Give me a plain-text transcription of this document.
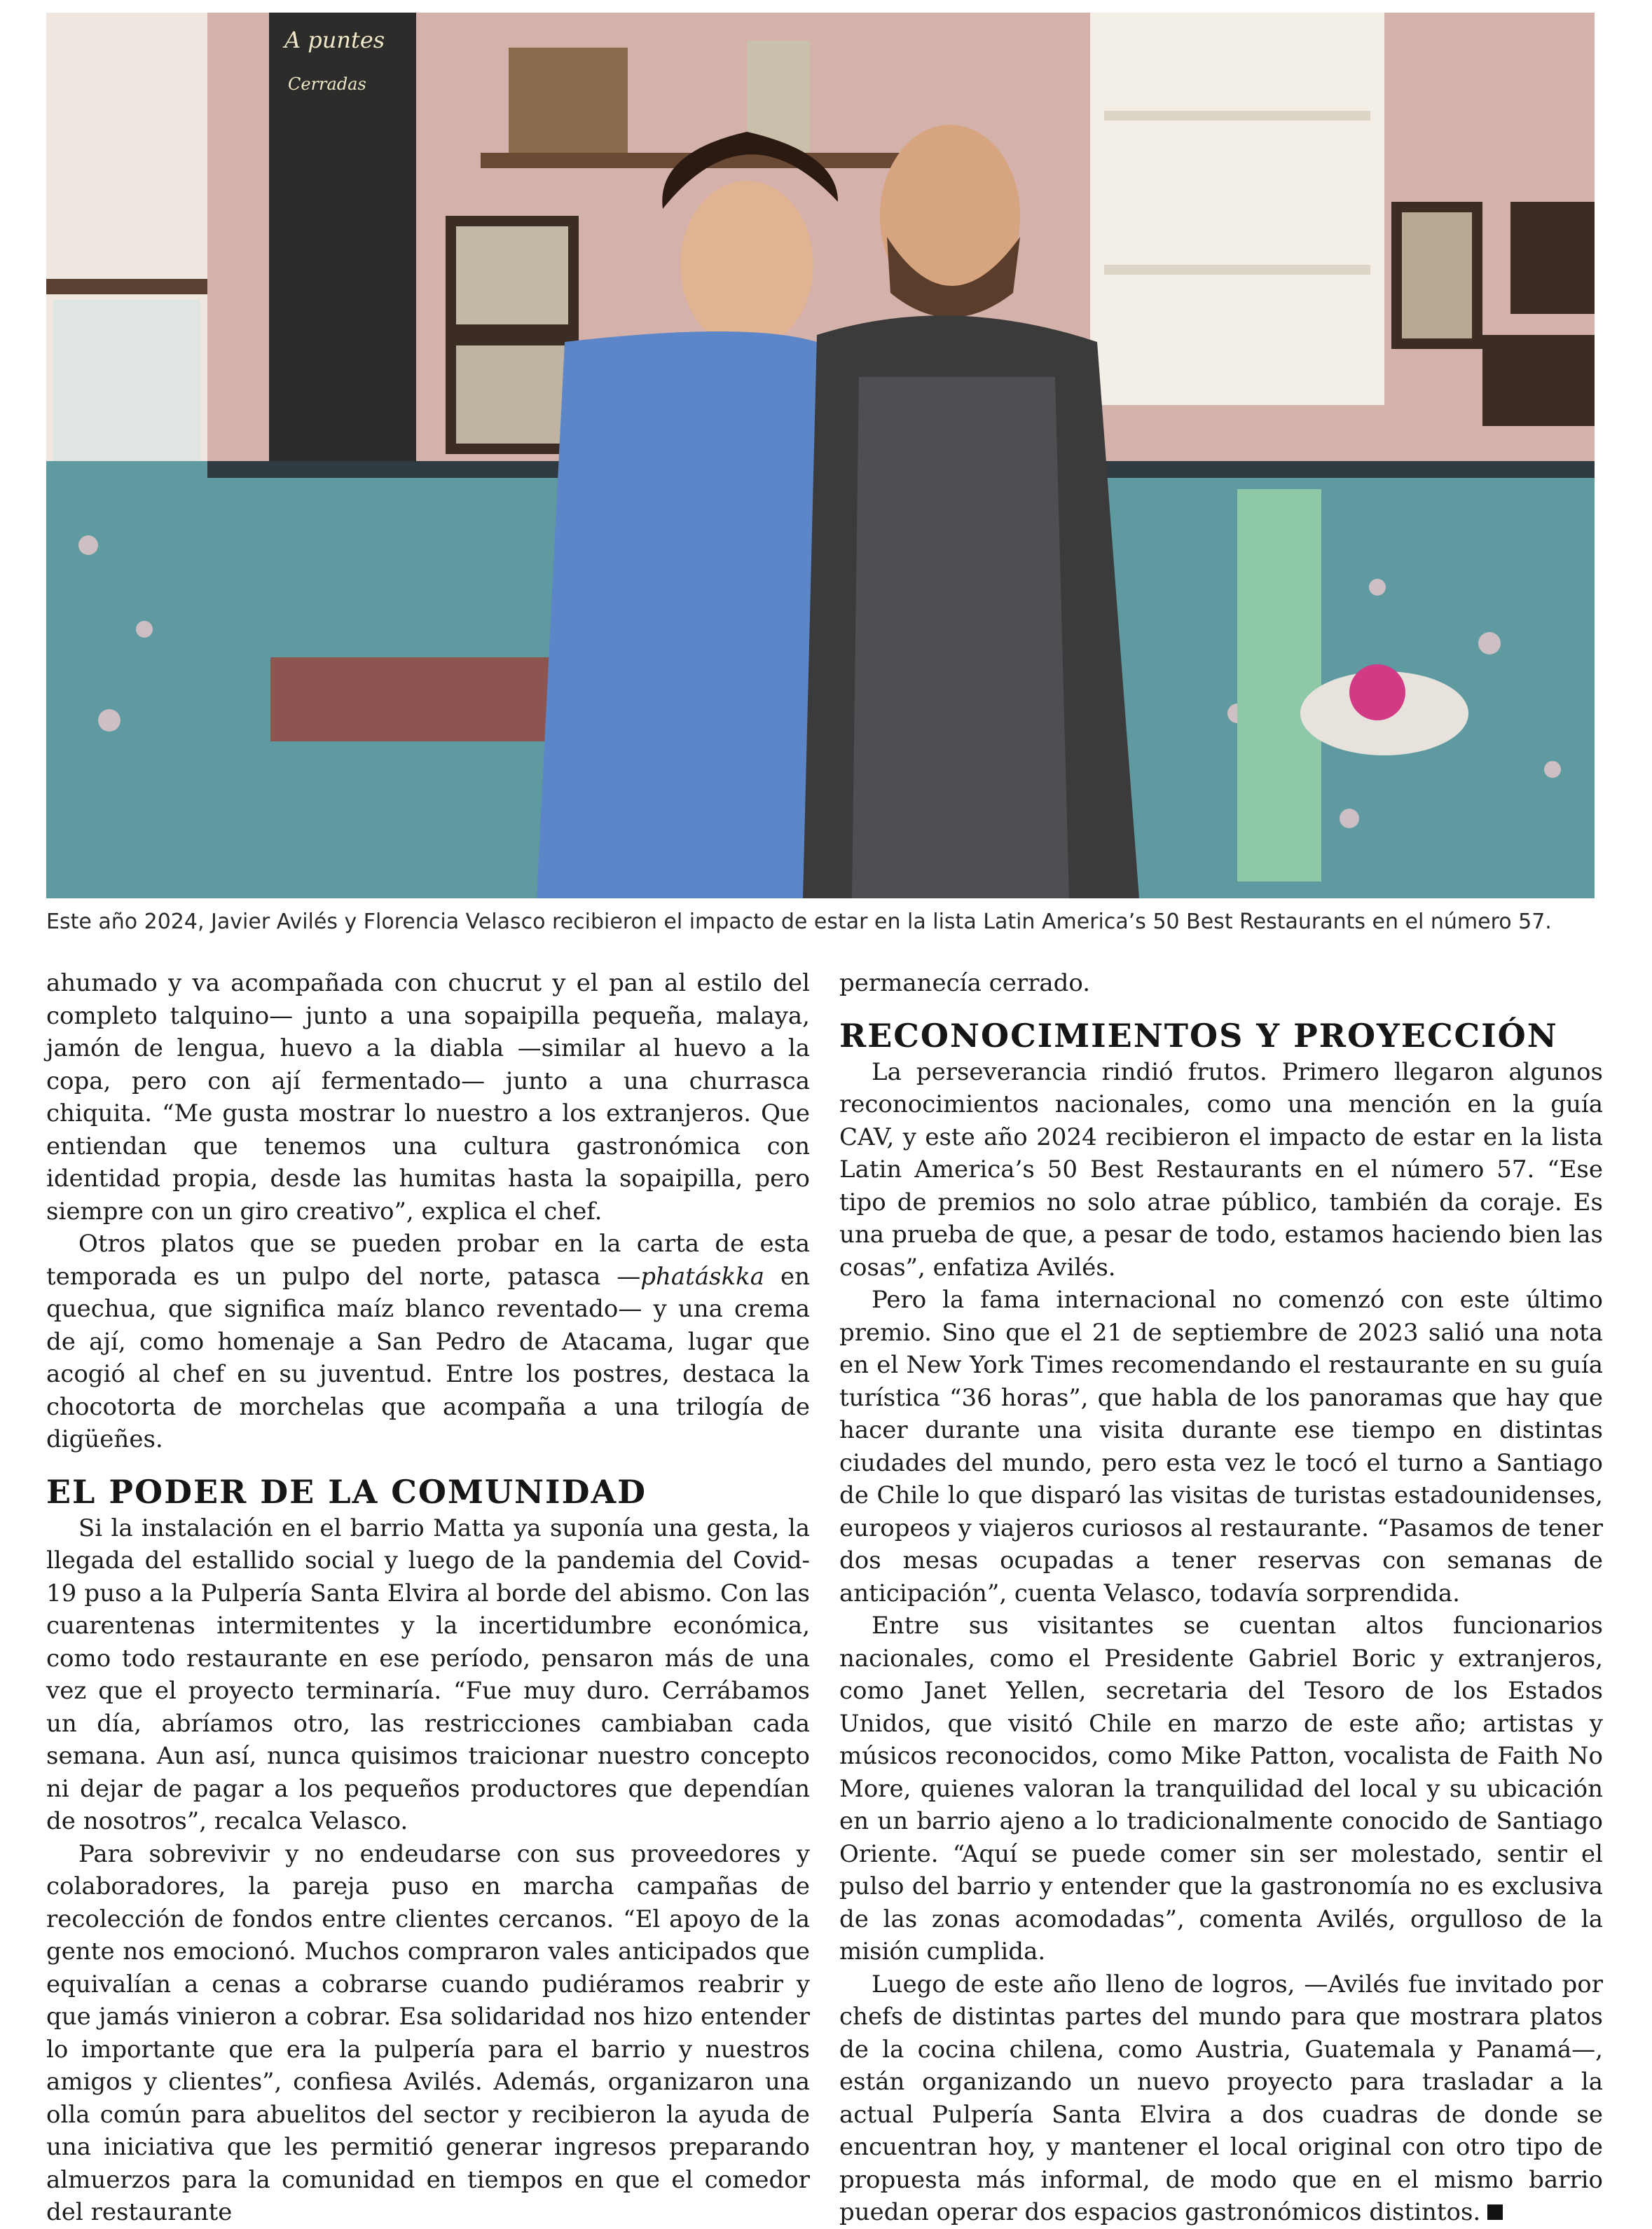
A puntes
Cerradas
Este año 2024, Javier Avilés y Florencia Velasco recibieron el impacto de estar en la lista Latin America’s 50 Best Restaurants en el número 57.

ahumado y va acompañada con chucrut y el pan al estilo del completo talquino— junto a una sopaipilla pequeña, malaya, jamón de lengua, huevo a la diabla —similar al huevo a la copa, pero con ají fermentado— junto a una churrasca chiquita. “Me gusta mostrar lo nuestro a los extranjeros. Que entiendan que tenemos una cultura gastronómica con identidad propia, desde las humitas hasta la sopaipilla, pero siempre con un giro creativo”, explica el chef.

Otros platos que se pueden probar en la carta de esta temporada es un pulpo del norte, patasca —phatáskka en quechua, que significa maíz blanco reventado— y una crema de ají, como homenaje a San Pedro de Atacama, lugar que acogió al chef en su juventud. Entre los postres, destaca la chocotorta de morchelas que acompaña a una trilogía de digüeñes.

EL PODER DE LA COMUNIDAD

Si la instalación en el barrio Matta ya suponía una gesta, la llegada del estallido social y luego de la pandemia del Covid-19 puso a la Pulpería Santa Elvira al borde del abismo. Con las cuarentenas intermitentes y la incertidumbre económica, como todo restaurante en ese período, pensaron más de una vez que el proyecto terminaría. “Fue muy duro. Cerrábamos un día, abríamos otro, las restricciones cambiaban cada semana. Aun así, nunca quisimos traicionar nuestro concepto ni dejar de pagar a los pequeños productores que dependían de nosotros”, recalca Velasco.

Para sobrevivir y no endeudarse con sus proveedores y colaboradores, la pareja puso en marcha campañas de recolección de fondos entre clientes cercanos. “El apoyo de la gente nos emocionó. Muchos compraron vales anticipados que equivalían a cenas a cobrarse cuando pudiéramos reabrir y que jamás vinieron a cobrar. Esa solidaridad nos hizo entender lo importante que era la pulpería para el barrio y nuestros amigos y clientes”, confiesa Avilés. Además, organizaron una olla común para abuelitos del sector y recibieron la ayuda de una iniciativa que les permitió generar ingresos preparando almuerzos para la comunidad en tiempos en que el comedor del restaurante

permanecía cerrado.

RECONOCIMIENTOS Y PROYECCIÓN

La perseverancia rindió frutos. Primero llegaron algunos reconocimientos nacionales, como una mención en la guía CAV, y este año 2024 recibieron el impacto de estar en la lista Latin America’s 50 Best Restaurants en el número 57. “Ese tipo de premios no solo atrae público, también da coraje. Es una prueba de que, a pesar de todo, estamos haciendo bien las cosas”, enfatiza Avilés.

Pero la fama internacional no comenzó con este último premio. Sino que el 21 de septiembre de 2023 salió una nota en el New York Times recomendando el restaurante en su guía turística “36 horas”, que habla de los panoramas que hay que hacer durante una visita durante ese tiempo en distintas ciudades del mundo, pero esta vez le tocó el turno a Santiago de Chile lo que disparó las visitas de turistas estadounidenses, europeos y viajeros curiosos al restaurante. “Pasamos de tener dos mesas ocupadas a tener reservas con semanas de anticipación”, cuenta Velasco, todavía sorprendida.

Entre sus visitantes se cuentan altos funcionarios nacionales, como el Presidente Gabriel Boric y extranjeros, como Janet Yellen, secretaria del Tesoro de los Estados Unidos, que visitó Chile en marzo de este año; artistas y músicos reconocidos, como Mike Patton, vocalista de Faith No More, quienes valoran la tranquilidad del local y su ubicación en un barrio ajeno a lo tradicionalmente conocido de Santiago Oriente. “Aquí se puede comer sin ser molestado, sentir el pulso del barrio y entender que la gastronomía no es exclusiva de las zonas acomodadas”, comenta Avilés, orgulloso de la misión cumplida.

Luego de este año lleno de logros, —Avilés fue invitado por chefs de distintas partes del mundo para que mostrara platos de la cocina chilena, como Austria, Guatemala y Panamá—, están organizando un nuevo proyecto para trasladar a la actual Pulpería Santa Elvira a dos cuadras de donde se encuentran hoy, y mantener el local original con otro tipo de propuesta más informal, de modo que en el mismo barrio puedan operar dos espacios gastronómicos distintos.
